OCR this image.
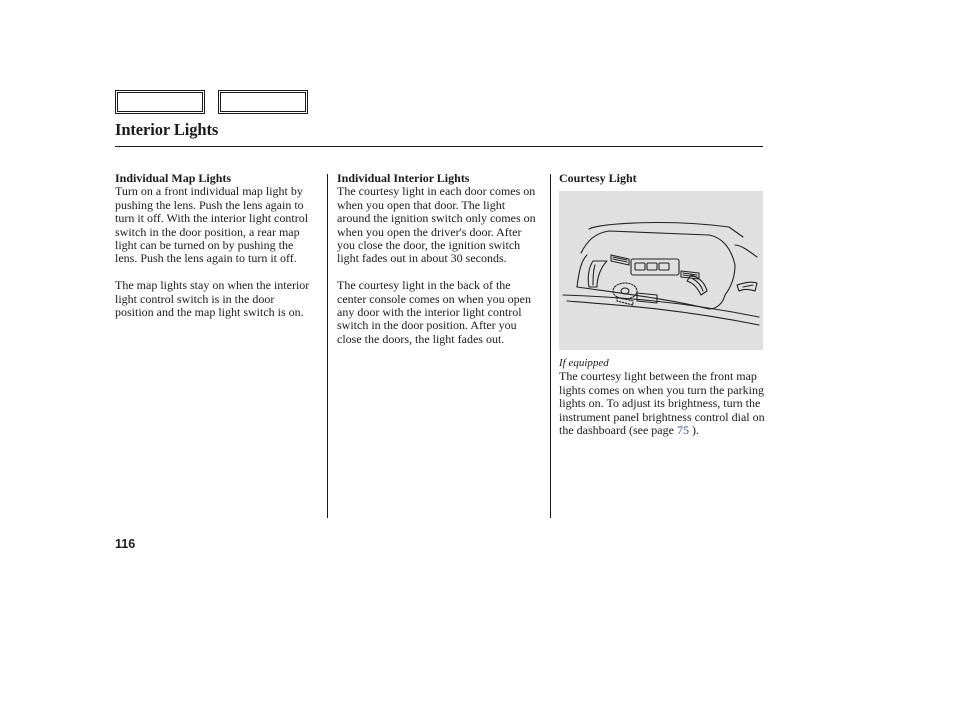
Interior Lights
Individual Map Lights

Turn on a front individual map light by pushing the lens. Push the lens again to turn it off. With the interior light control switch in the door position, a rear map light can be turned on by pushing the lens. Push the lens again to turn it off.

The map lights stay on when the interior light control switch is in the door position and the map light switch is on.

Individual Interior Lights

The courtesy light in each door comes on when you open that door. The light around the ignition switch only comes on when you open the driver's door. After you close the door, the ignition switch light fades out in about 30 seconds.

The courtesy light in the back of the center console comes on when you open any door with the interior light control switch in the door position. After you close the doors, the light fades out.

Courtesy Light
If equipped

The courtesy light between the front map lights comes on when you turn the parking lights on. To adjust its brightness, turn the instrument panel brightness control dial on the dashboard (see page 75 ).

116
